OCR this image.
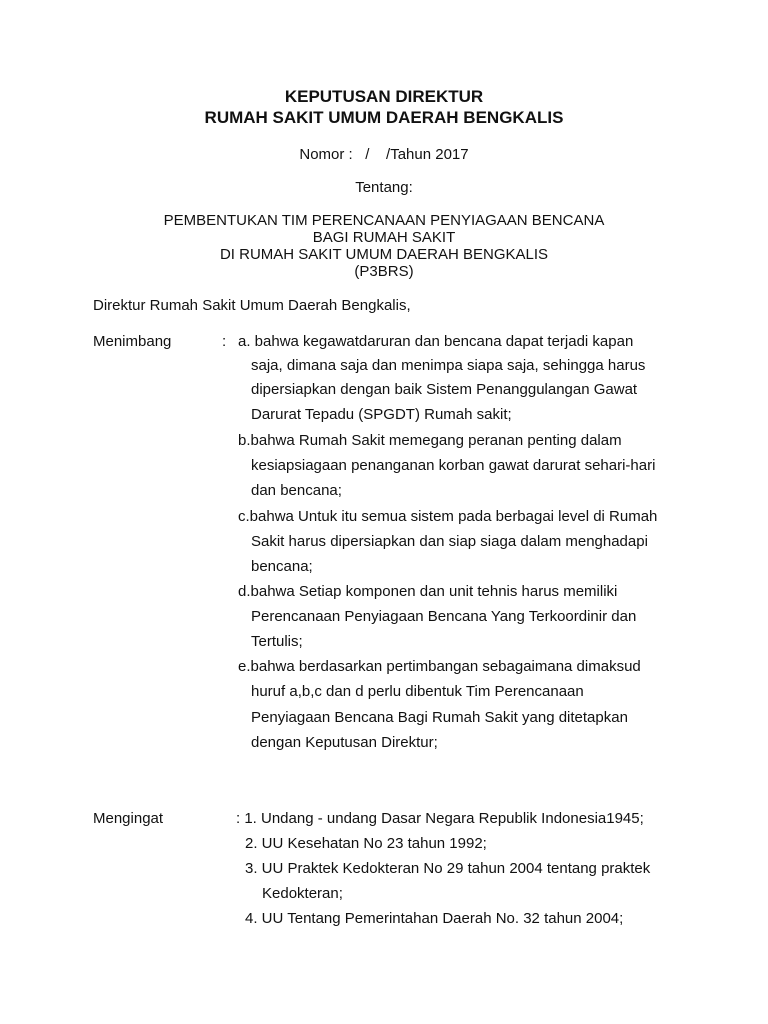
KEPUTUSAN DIREKTUR
RUMAH SAKIT UMUM DAERAH BENGKALIS
Nomor :   /    /Tahun 2017
Tentang:
PEMBENTUKAN TIM PERENCANAAN PENYIAGAAN BENCANA
BAGI RUMAH SAKIT
DI RUMAH SAKIT UMUM DAERAH BENGKALIS
(P3BRS)
Direktur Rumah Sakit Umum Daerah Bengkalis,
Menimbang	: a. bahwa kegawatdaruran dan bencana dapat terjadi kapan
saja, dimana saja dan menimpa siapa saja, sehingga harus
dipersiapkan dengan baik Sistem Penanggulangan Gawat
Darurat Tepadu (SPGDT) Rumah sakit;
b.bahwa Rumah Sakit memegang peranan penting dalam
kesiapsiagaan penanganan korban gawat darurat sehari-hari
dan bencana;
c.bahwa Untuk itu semua sistem pada berbagai level di Rumah
Sakit harus dipersiapkan dan siap siaga dalam menghadapi
bencana;
d.bahwa Setiap komponen dan unit tehnis harus memiliki
Perencanaan Penyiagaan Bencana Yang Terkoordinir dan
Tertulis;
e.bahwa berdasarkan pertimbangan sebagaimana dimaksud
huruf a,b,c dan d perlu dibentuk Tim Perencanaan
Penyiagaan Bencana Bagi Rumah Sakit yang ditetapkan
dengan Keputusan Direktur;
Mengingat	: 1. Undang - undang Dasar Negara Republik Indonesia1945;
2. UU Kesehatan No 23 tahun 1992;
3. UU Praktek Kedokteran No 29 tahun 2004 tentang praktek
Kedokteran;
4. UU Tentang Pemerintahan Daerah No. 32 tahun 2004;
